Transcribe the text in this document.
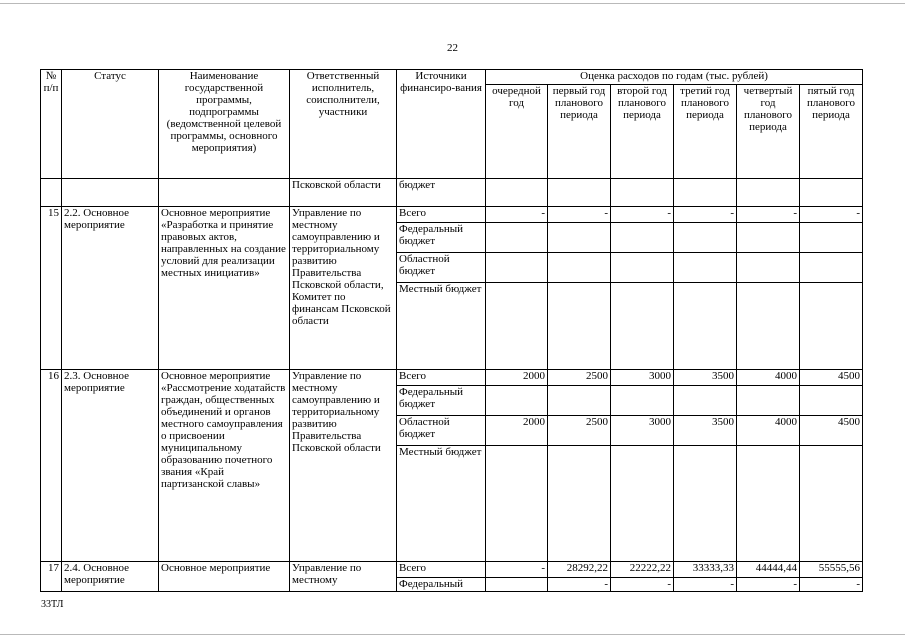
22
№ п/п	Статус	Наименование государственной программы, подпрограммы (ведомственной целевой программы, основного мероприятия)	Ответственный исполнитель, соисполнители, участники	Источники финансиро-вания	Оценка расходов по годам (тыс. рублей)					
					очередной год	первый год планового периода	второй год планового периода	третий год планового периода	четвертый год планового периода	пятый год планового периода
			Псковской области	бюджет						
15	2.2. Основное мероприятие	Основное мероприятие «Разработка и принятие правовых актов, направленных на создание условий для реализации местных инициатив»	Управление по местному самоуправлению и территориальному развитию Правительства Псковской области, Комитет по финансам Псковской области	Всего	-	-	-	-	-	-
				Федеральный бюджет						
				Областной бюджет						
				Местный бюджет						
16	2.3. Основное мероприятие	Основное мероприятие «Рассмотрение ходатайств граждан, общественных объединений и органов местного самоуправления о присвоении муниципальному образованию почетного звания «Край партизанской славы»	Управление по местному самоуправлению и территориальному развитию Правительства Псковской области	Всего	2000	2500	3000	3500	4000	4500
				Федеральный бюджет						
				Областной бюджет	2000	2500	3000	3500	4000	4500
				Местный бюджет						
17	2.4. Основное мероприятие	Основное мероприятие	Управление по местному	Всего	-	28292,22	22222,22	33333,33	44444,44	55555,56
				Федеральный		-	-	-	-	-
33ТЛ
